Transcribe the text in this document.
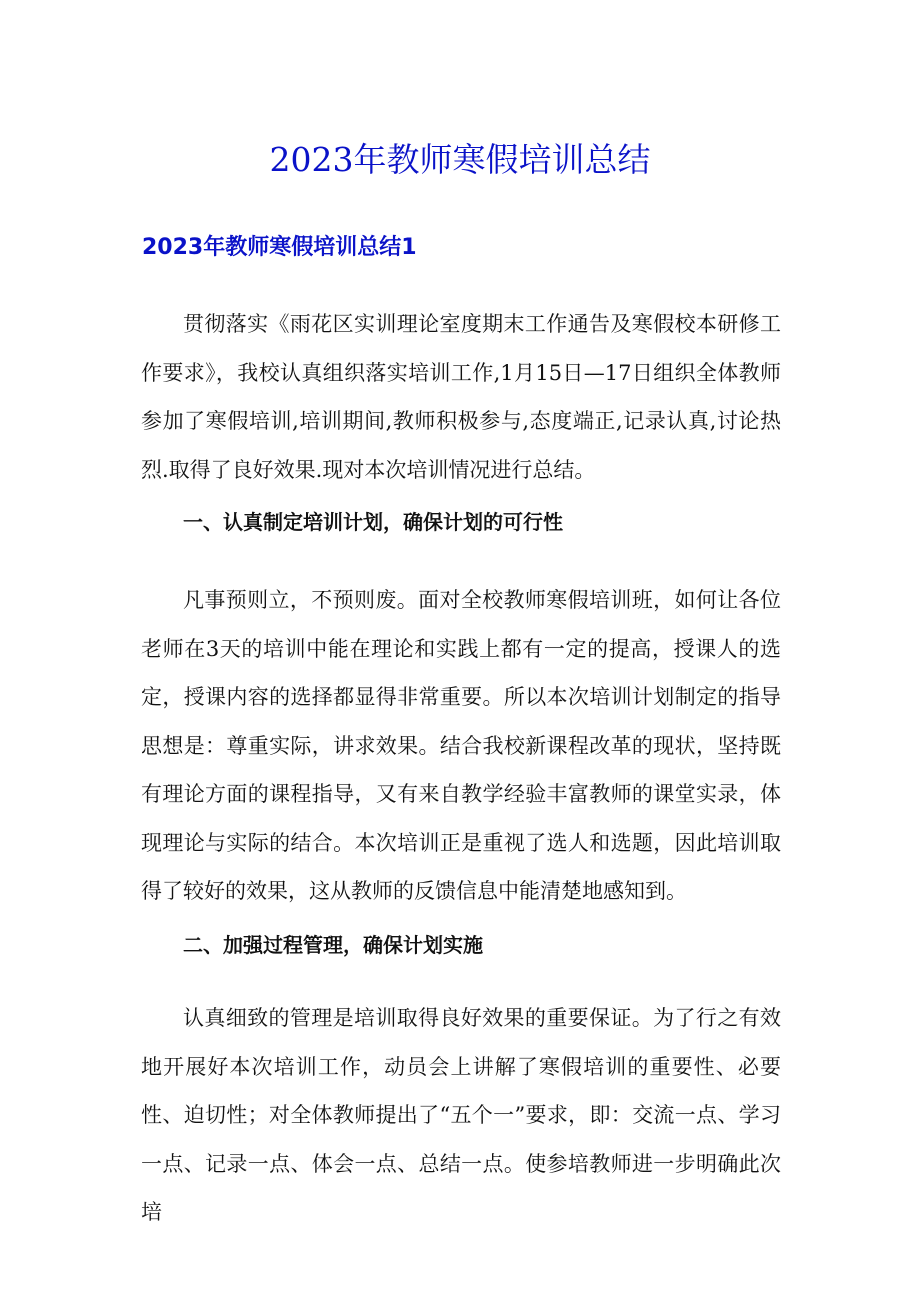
2023年教师寒假培训总结
2023年教师寒假培训总结1

贯彻落实《雨花区实训理论室度期末工作通告及寒假校本研修工作要求》，我校认真组织落实培训工作,1月15日—17日组织全体教师参加了寒假培训,培训期间,教师积极参与,态度端正,记录认真,讨论热烈.取得了良好效果.现对本次培训情况进行总结。

一、认真制定培训计划，确保计划的可行性

凡事预则立，不预则废。面对全校教师寒假培训班，如何让各位老师在3天的培训中能在理论和实践上都有一定的提高，授课人的选定，授课内容的选择都显得非常重要。所以本次培训计划制定的指导思想是：尊重实际，讲求效果。结合我校新课程改革的现状，坚持既有理论方面的课程指导，又有来自教学经验丰富教师的课堂实录，体现理论与实际的结合。本次培训正是重视了选人和选题，因此培训取得了较好的效果，这从教师的反馈信息中能清楚地感知到。

二、加强过程管理，确保计划实施

认真细致的管理是培训取得良好效果的重要保证。为了行之有效地开展好本次培训工作，动员会上讲解了寒假培训的重要性、必要性、迫切性；对全体教师提出了“五个一”要求，即：交流一点、学习一点、记录一点、体会一点、总结一点。使参培教师进一步明确此次培
